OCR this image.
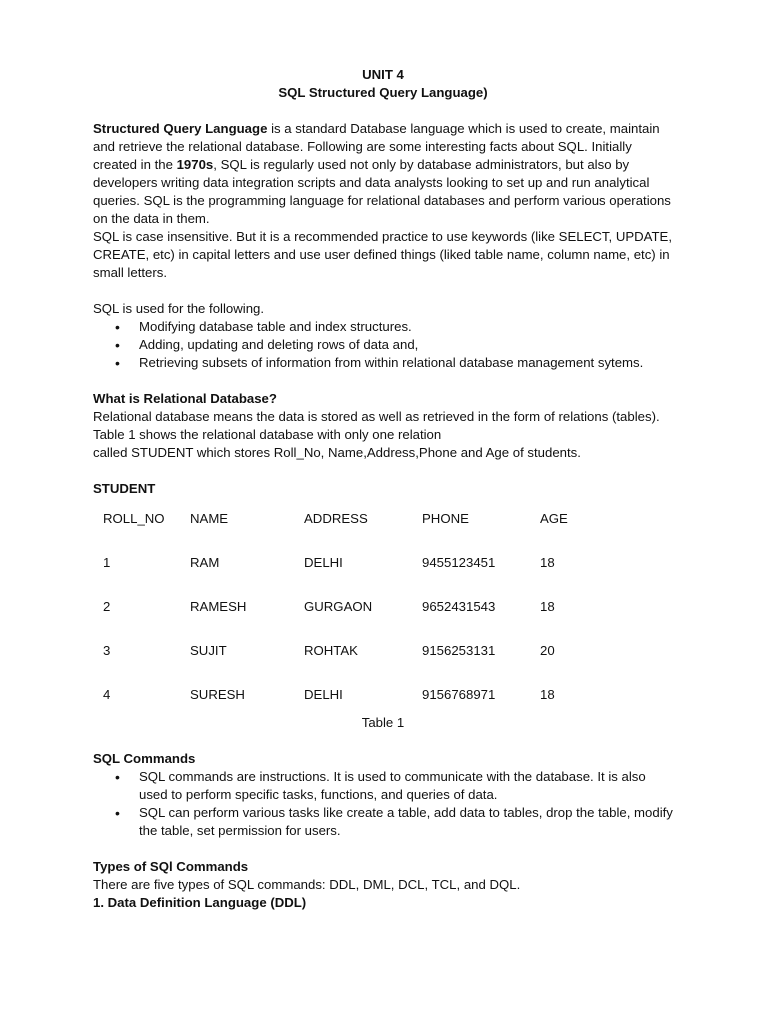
UNIT 4

SQL Structured Query Language)

Structured Query Language is a standard Database language which is used to create, maintain and retrieve the relational database. Following are some interesting facts about SQL. Initially created in the 1970s, SQL is regularly used not only by database administrators, but also by developers writing data integration scripts and data analysts looking to set up and run analytical queries. SQL is the programming language for relational databases and perform various operations on the data in them.

SQL is case insensitive. But it is a recommended practice to use keywords (like SELECT, UPDATE, CREATE, etc) in capital letters and use user defined things (liked table name, column name, etc) in small letters.

SQL is used for the following.

• Modifying database table and index structures.
• Adding, updating and deleting rows of data and,
• Retrieving subsets of information from within relational database management sytems.

What is Relational Database?

Relational database means the data is stored as well as retrieved in the form of relations (tables). Table 1 shows the relational database with only one relation

called STUDENT which stores Roll_No, Name,Address,Phone and Age of students.

STUDENT

ROLL_NO	NAME	ADDRESS	PHONE	AGE
1	RAM	DELHI	9455123451	18
2	RAMESH	GURGAON	9652431543	18
3	SUJIT	ROHTAK	9156253131	20
4	SURESH	DELHI	9156768971	18

Table 1

SQL Commands

• SQL commands are instructions. It is used to communicate with the database. It is also used to perform specific tasks, functions, and queries of data.
• SQL can perform various tasks like create a table, add data to tables, drop the table, modify the table, set permission for users.

Types of SQl Commands

There are five types of SQL commands: DDL, DML, DCL, TCL, and DQL.

1. Data Definition Language (DDL)
